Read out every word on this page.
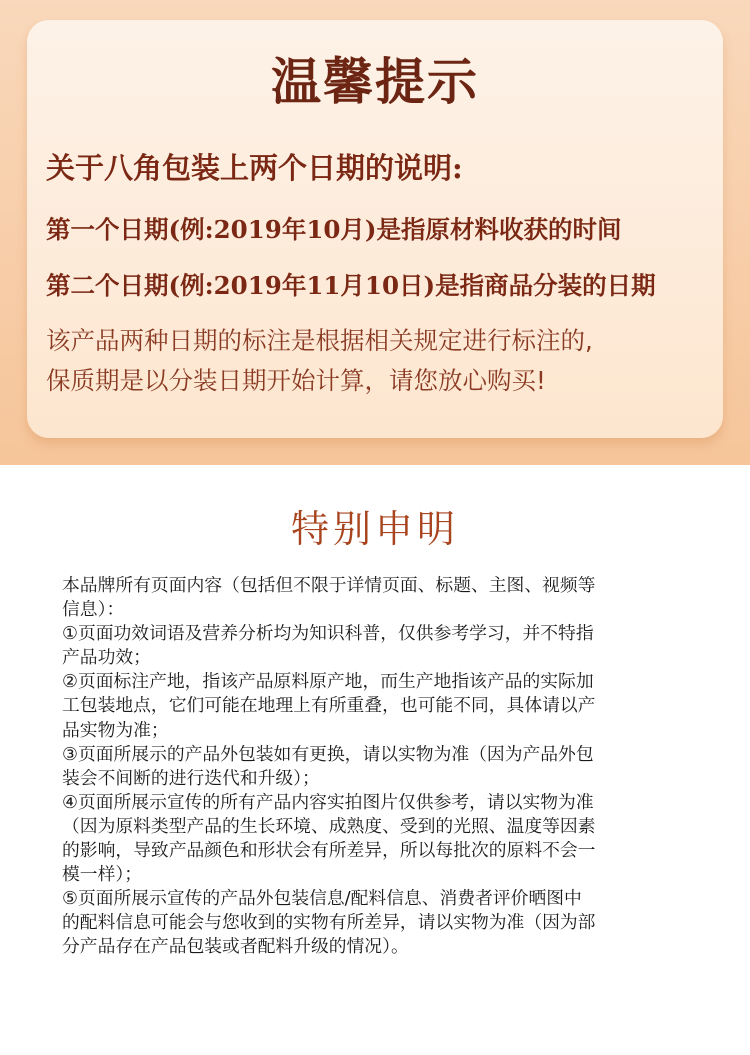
温馨提示
关于八角包装上两个日期的说明:
第一个日期(例:2019年10月)是指原材料收获的时间
第二个日期(例:2019年11月10日)是指商品分装的日期
该产品两种日期的标注是根据相关规定进行标注的,
保质期是以分装日期开始计算，请您放心购买!
特别申明
本品牌所有页面内容（包括但不限于详情页面、标题、主图、视频等
信息）：
①页面功效词语及营养分析均为知识科普，仅供参考学习，并不特指
产品功效；
②页面标注产地，指该产品原料原产地，而生产地指该产品的实际加
工包装地点，它们可能在地理上有所重叠，也可能不同，具体请以产
品实物为准；
③页面所展示的产品外包装如有更换，请以实物为准（因为产品外包
装会不间断的进行迭代和升级）；
④页面所展示宣传的所有产品内容实拍图片仅供参考，请以实物为准
（因为原料类型产品的生长环境、成熟度、受到的光照、温度等因素
的影响，导致产品颜色和形状会有所差异，所以每批次的原料不会一
模一样）；
⑤页面所展示宣传的产品外包装信息/配料信息、消费者评价晒图中
的配料信息可能会与您收到的实物有所差异，请以实物为准（因为部
分产品存在产品包装或者配料升级的情况）。
